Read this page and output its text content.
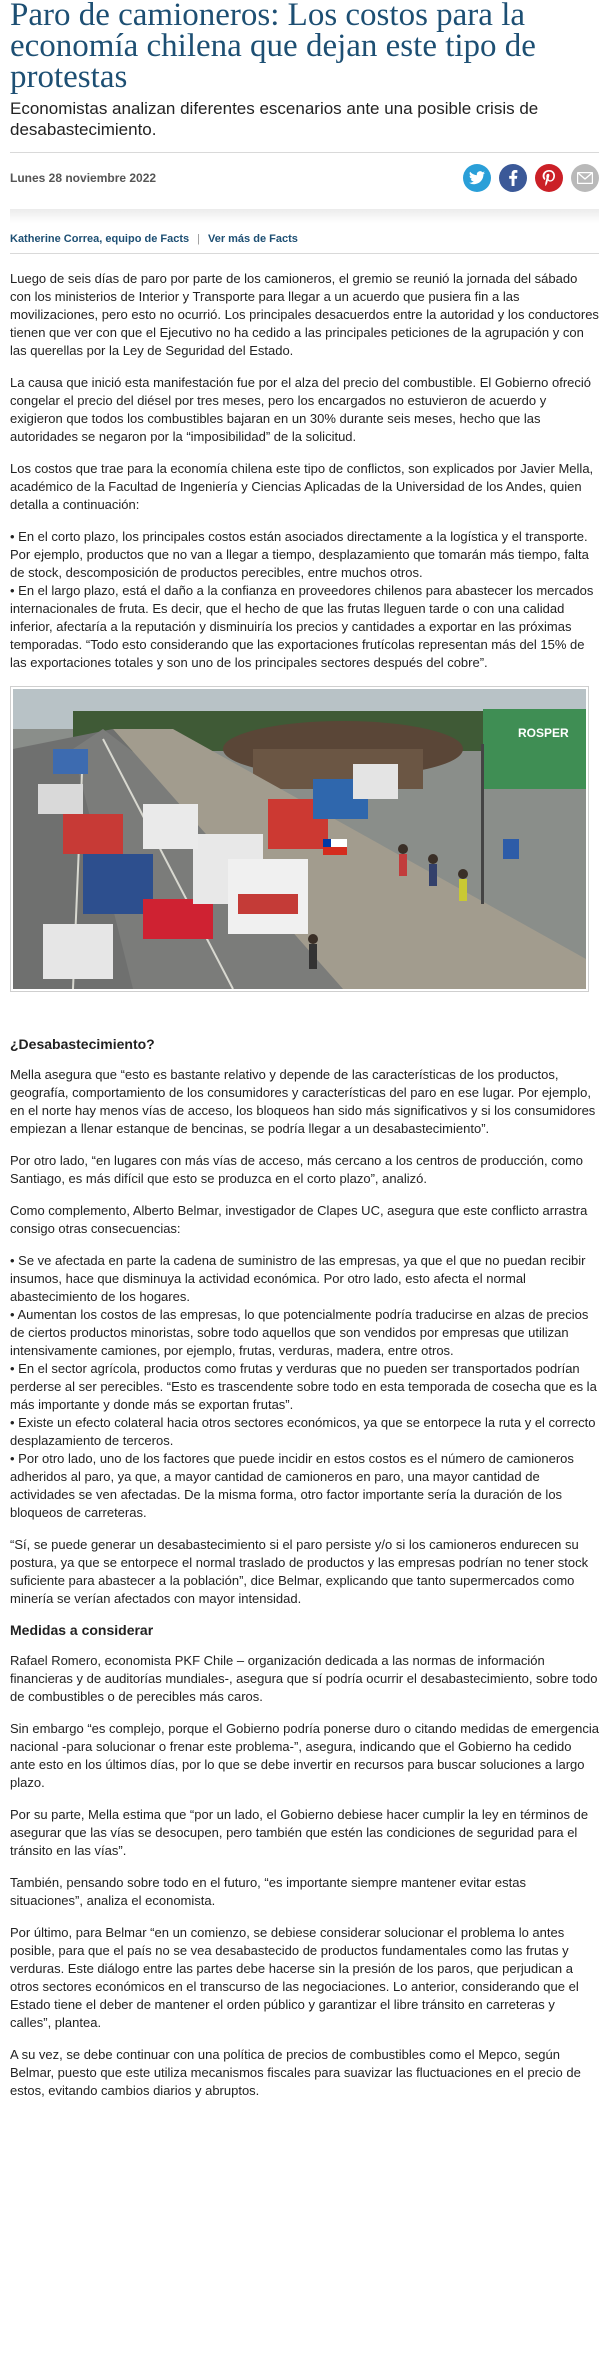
Paro de camioneros: Los costos para la economía chilena que dejan este tipo de protestas

Economistas analizan diferentes escenarios ante una posible crisis de desabastecimiento.

Lunes 28 noviembre 2022
Katherine Correa, equipo de Facts | Ver más de Facts

Luego de seis días de paro por parte de los camioneros, el gremio se reunió la jornada del sábado con los ministerios de Interior y Transporte para llegar a un acuerdo que pusiera fin a las movilizaciones, pero esto no ocurrió. Los principales desacuerdos entre la autoridad y los conductores tienen que ver con que el Ejecutivo no ha cedido a las principales peticiones de la agrupación y con las querellas por la Ley de Seguridad del Estado.

La causa que inició esta manifestación fue por el alza del precio del combustible. El Gobierno ofreció congelar el precio del diésel por tres meses, pero los encargados no estuvieron de acuerdo y exigieron que todos los combustibles bajaran en un 30% durante seis meses, hecho que las autoridades se negaron por la “imposibilidad” de la solicitud.

Los costos que trae para la economía chilena este tipo de conflictos, son explicados por Javier Mella, académico de la Facultad de Ingeniería y Ciencias Aplicadas de la Universidad de los Andes, quien detalla a continuación:

• En el corto plazo, los principales costos están asociados directamente a la logística y el transporte. Por ejemplo, productos que no van a llegar a tiempo, desplazamiento que tomarán más tiempo, falta de stock, descomposición de productos perecibles, entre muchos otros.
• En el largo plazo, está el daño a la confianza en proveedores chilenos para abastecer los mercados internacionales de fruta. Es decir, que el hecho de que las frutas lleguen tarde o con una calidad inferior, afectaría a la reputación y disminuiría los precios y cantidades a exportar en las próximas temporadas. “Todo esto considerando que las exportaciones frutícolas representan más del 15% de las exportaciones totales y son uno de los principales sectores después del cobre”.
ROSPER
¿Desabastecimiento?

Mella asegura que “esto es bastante relativo y depende de las características de los productos, geografía, comportamiento de los consumidores y características del paro en ese lugar. Por ejemplo, en el norte hay menos vías de acceso, los bloqueos han sido más significativos y si los consumidores empiezan a llenar estanque de bencinas, se podría llegar a un desabastecimiento”.

Por otro lado, “en lugares con más vías de acceso, más cercano a los centros de producción, como Santiago, es más difícil que esto se produzca en el corto plazo”, analizó.

Como complemento, Alberto Belmar, investigador de Clapes UC, asegura que este conflicto arrastra consigo otras consecuencias:

• Se ve afectada en parte la cadena de suministro de las empresas, ya que el que no puedan recibir insumos, hace que disminuya la actividad económica. Por otro lado, esto afecta el normal abastecimiento de los hogares.
• Aumentan los costos de las empresas, lo que potencialmente podría traducirse en alzas de precios de ciertos productos minoristas, sobre todo aquellos que son vendidos por empresas que utilizan intensivamente camiones, por ejemplo, frutas, verduras, madera, entre otros.
• En el sector agrícola, productos como frutas y verduras que no pueden ser transportados podrían perderse al ser perecibles. “Esto es trascendente sobre todo en esta temporada de cosecha que es la más importante y donde más se exportan frutas”.
• Existe un efecto colateral hacia otros sectores económicos, ya que se entorpece la ruta y el correcto desplazamiento de terceros.
• Por otro lado, uno de los factores que puede incidir en estos costos es el número de camioneros adheridos al paro, ya que, a mayor cantidad de camioneros en paro, una mayor cantidad de actividades se ven afectadas. De la misma forma, otro factor importante sería la duración de los bloqueos de carreteras.

“Sí, se puede generar un desabastecimiento si el paro persiste y/o si los camioneros endurecen su postura, ya que se entorpece el normal traslado de productos y las empresas podrían no tener stock suficiente para abastecer a la población”, dice Belmar, explicando que tanto supermercados como minería se verían afectados con mayor intensidad.

Medidas a considerar

Rafael Romero, economista PKF Chile – organización dedicada a las normas de información financieras y de auditorías mundiales-, asegura que sí podría ocurrir el desabastecimiento, sobre todo de combustibles o de perecibles más caros.

Sin embargo “es complejo, porque el Gobierno podría ponerse duro o citando medidas de emergencia nacional -para solucionar o frenar este problema-”, asegura, indicando que el Gobierno ha cedido ante esto en los últimos días, por lo que se debe invertir en recursos para buscar soluciones a largo plazo.

Por su parte, Mella estima que “por un lado, el Gobierno debiese hacer cumplir la ley en términos de asegurar que las vías se desocupen, pero también que estén las condiciones de seguridad para el tránsito en las vías”.

También, pensando sobre todo en el futuro, “es importante siempre mantener evitar estas situaciones”, analiza el economista.

Por último, para Belmar “en un comienzo, se debiese considerar solucionar el problema lo antes posible, para que el país no se vea desabastecido de productos fundamentales como las frutas y verduras. Este diálogo entre las partes debe hacerse sin la presión de los paros, que perjudican a otros sectores económicos en el transcurso de las negociaciones. Lo anterior, considerando que el Estado tiene el deber de mantener el orden público y garantizar el libre tránsito en carreteras y calles”, plantea.

A su vez, se debe continuar con una política de precios de combustibles como el Mepco, según Belmar, puesto que este utiliza mecanismos fiscales para suavizar las fluctuaciones en el precio de estos, evitando cambios diarios y abruptos.
